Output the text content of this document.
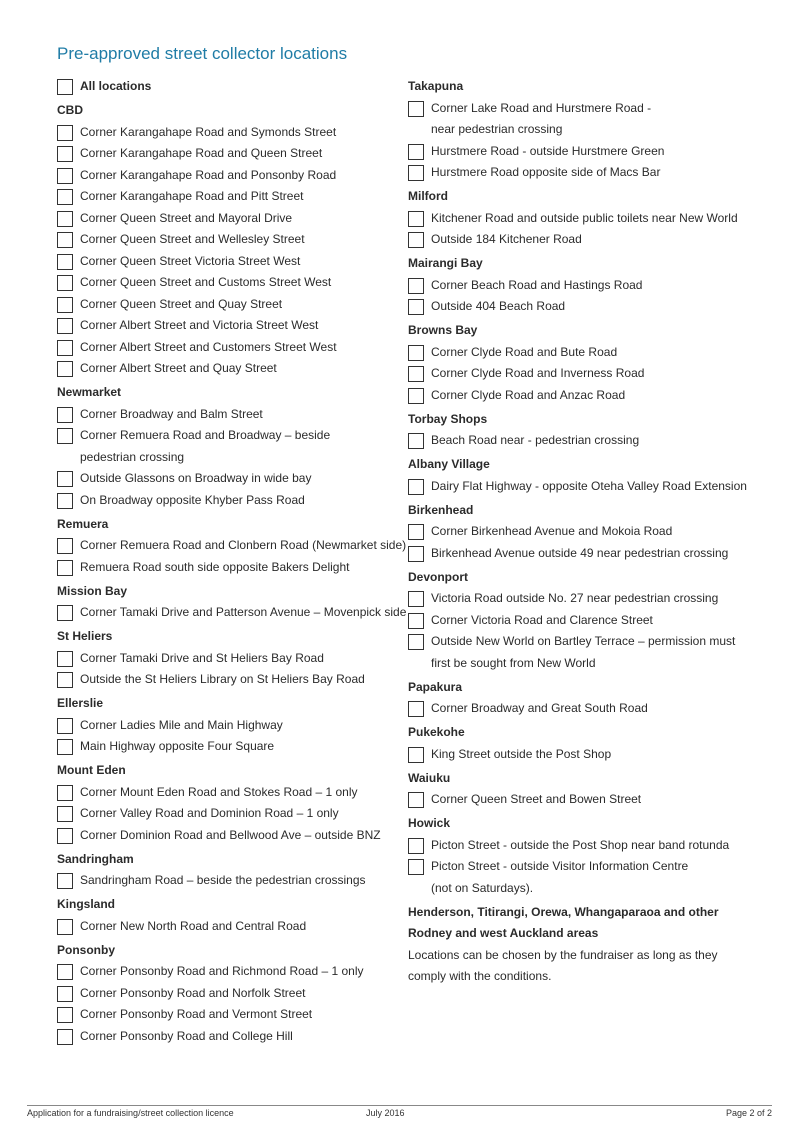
Pre-approved street collector locations
All locations
CBD
Corner Karangahape Road and Symonds Street
Corner Karangahape Road and Queen Street
Corner Karangahape Road and Ponsonby Road
Corner Karangahape Road and Pitt Street
Corner Queen Street and Mayoral Drive
Corner Queen Street and Wellesley Street
Corner Queen Street Victoria Street West
Corner Queen Street and Customs Street West
Corner Queen Street and Quay Street
Corner Albert Street and Victoria Street West
Corner Albert Street and Customers Street West
Corner Albert Street and Quay Street
Newmarket
Corner Broadway and Balm Street
Corner Remuera Road and Broadway – beside
pedestrian crossing
Outside Glassons on Broadway in wide bay
On Broadway opposite Khyber Pass Road
Remuera
Corner Remuera Road and Clonbern Road (Newmarket side)
Remuera Road south side opposite Bakers Delight
Mission Bay
Corner Tamaki Drive and Patterson Avenue – Movenpick side
St Heliers
Corner Tamaki Drive and St Heliers Bay Road
Outside the St Heliers Library on St Heliers Bay Road
Ellerslie
Corner Ladies Mile and Main Highway
Main Highway opposite Four Square
Mount Eden
Corner Mount Eden Road and Stokes Road – 1 only
Corner Valley Road and Dominion Road – 1 only
Corner Dominion Road and Bellwood Ave – outside BNZ
Sandringham
Sandringham Road – beside the pedestrian crossings
Kingsland
Corner New North Road and Central Road
Ponsonby
Corner Ponsonby Road and Richmond Road – 1 only
Corner Ponsonby Road and Norfolk Street
Corner Ponsonby Road and Vermont Street
Corner Ponsonby Road and College Hill
Takapuna
Corner Lake Road and Hurstmere Road -
near pedestrian crossing
Hurstmere Road - outside Hurstmere Green
Hurstmere Road opposite side of Macs Bar
Milford
Kitchener Road and outside public toilets near New World
Outside 184 Kitchener Road
Mairangi Bay
Corner Beach Road and Hastings Road
Outside 404 Beach Road
Browns Bay
Corner Clyde Road and Bute Road
Corner Clyde Road and Inverness Road
Corner Clyde Road and Anzac Road
Torbay Shops
Beach Road near - pedestrian crossing
Albany Village
Dairy Flat Highway - opposite Oteha Valley Road Extension
Birkenhead
Corner Birkenhead Avenue and Mokoia Road
Birkenhead Avenue outside 49 near pedestrian crossing
Devonport
Victoria Road outside No. 27 near pedestrian crossing
Corner Victoria Road and Clarence Street
Outside New World on Bartley Terrace – permission must
first be sought from New World
Papakura
Corner Broadway and Great South Road
Pukekohe
King Street outside the Post Shop
Waiuku
Corner Queen Street and Bowen Street
Howick
Picton Street - outside the Post Shop near band rotunda
Picton Street - outside Visitor Information Centre
(not on Saturdays).
Henderson, Titirangi, Orewa, Whangaparaoa and other
Rodney and west Auckland areas
Locations can be chosen by the fundraiser as long as they
comply with the conditions.
Application for a fundraising/street collection licence	July 2016	Page 2 of 2
